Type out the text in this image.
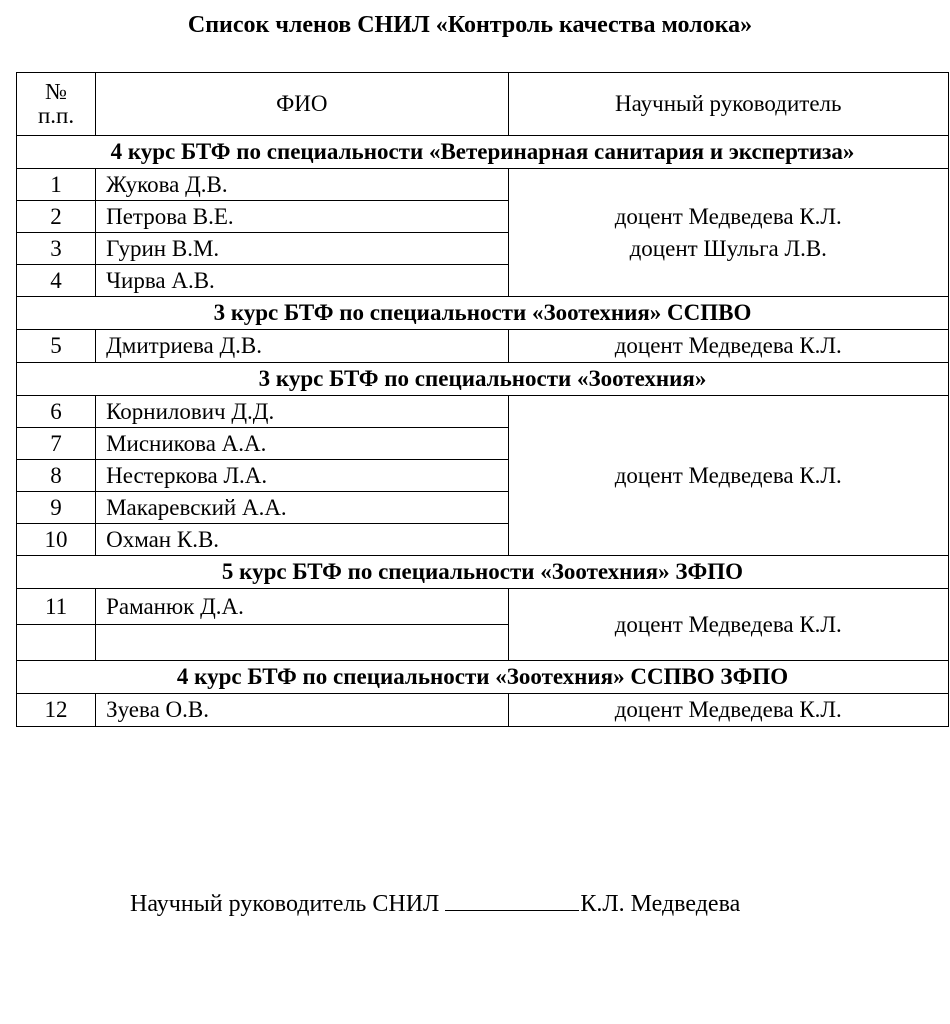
Список членов СНИЛ «Контроль качества молока»
№
п.п.	ФИО	Научный руководитель
4 курс БТФ по специальности «Ветеринарная санитария и экспертиза»		
1	Жукова Д.В.	доцент Медведева К.Л.
доцент Шульга Л.В.

2	Петрова В.Е.	
3	Гурин В.М.	
4	Чирва А.В.	
3 курс БТФ по специальности «Зоотехния» ССПВО		
5	Дмитриева Д.В.	доцент Медведева К.Л.

3 курс БТФ по специальности «Зоотехния»		
6	Корнилович Д.Д.	доцент Медведева К.Л.

7	Мисникова А.А.	
8	Нестеркова Л.А.	
9	Макаревский А.А.	
10	Охман К.В.	
5 курс БТФ по специальности «Зоотехния» ЗФПО		
11	Раманюк Д.А.	доцент Медведева К.Л.

4 курс БТФ по специальности «Зоотехния» ССПВО ЗФПО		
12	Зуева О.В.	доцент Медведева К.Л.
Научный руководитель СНИЛ	К.Л. Медведева
